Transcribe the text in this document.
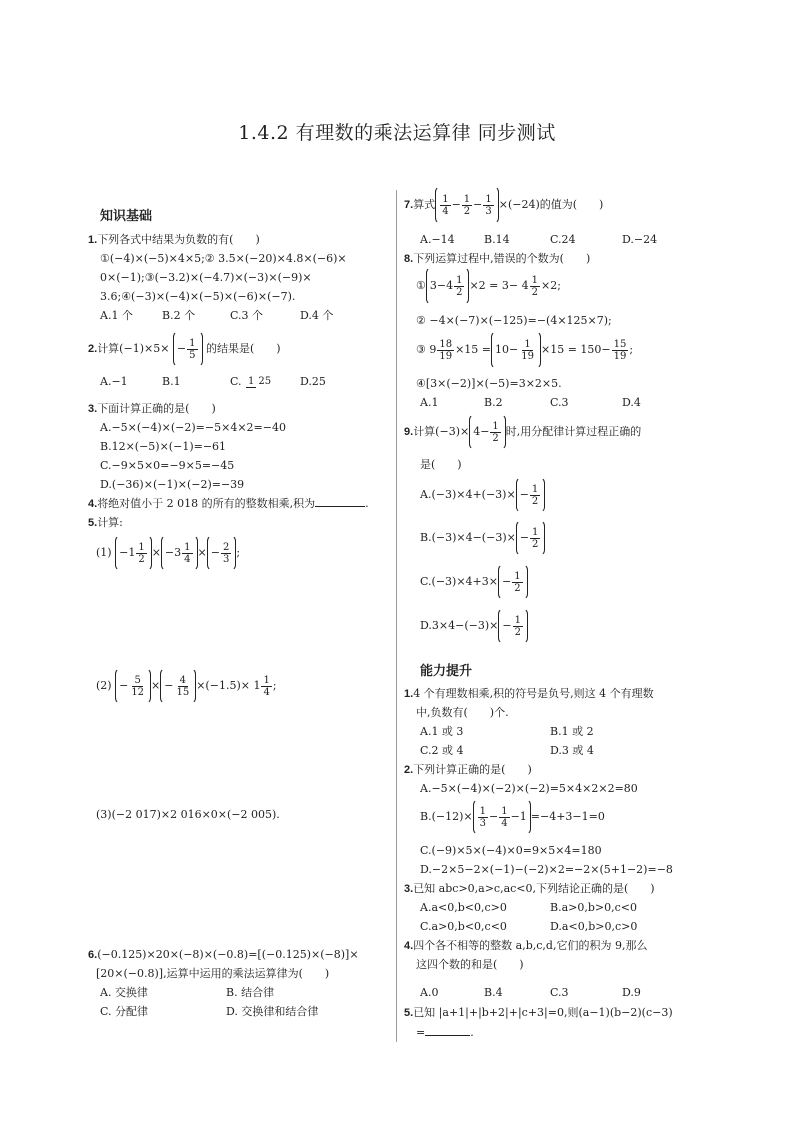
1.4.2 有理数的乘法运算律 同步测试
知识基础
1.下列各式中结果为负数的有(　　)
①(−4)×(−5)×4×5;② 3.5×(−20)×4.8×(−6)×
0×(−1);③(−3.2)×(−4.7)×(−3)×(−9)×
3.6;④(−3)×(−4)×(−5)×(−6)×(−7).
A.1 个	B.2 个	C.3 个	D.4 个
2.计算$(-1)\times 5\times - \frac{1}{5}$ 的结果是(　　)
A.−1	B.1	C. 1 25	D.25
3.下面计算正确的是(　　)
A.−5×(−4)×(−2)=−5×4×2=−40
B.12×(−5)×(−1)=−61
C.−9×5×0=−9×5=−45
D.(−36)×(−1)×(−2)=−39
4.将绝对值小于 2 018 的所有的整数相乘,积为	.
5.计算:
$(1) - 1 \frac{1}{2}$ × − $3 \frac{1}{4}$ × − $\frac{2}{3}$ ;
$(2) - \frac{5}{12}$ × − $\frac{4}{15} \times(-1.5)\times 1 \frac{1}{4}$ ;
(3)(−2 017)×2 016×0×(−2 005).
6.(−0.125)×20×(−8)×(−0.8)=[(−0.125)×(−8)]×
[20×(−0.8)],运算中运用的乘法运算律为(　　)
A. 交换律	B. 结合律
C. 分配律	D. 交换律和结合律
7.算式 $\frac{1}{4} - \frac{1}{2} - \frac{1}{3} \times(-24)$的值为(　　)
A.−14	B.14	C.24	D.−24
8.下列运算过程中,错误的个数为(　　)
① $3-4 \frac{1}{2} \times 2 = 3- 4 \frac{1}{2} \times 2$;
② −4×(−7)×(−125)=−(4×125×7);
③ $9 \frac{18}{19} \times 15 = 10- \frac{1}{19} \times 15 = 150- \frac{15}{19}$ ;
④[3×(−2)]×(−5)=3×2×5.
A.1	B.2	C.3	D.4
9.计算$(-3)\times 4- \frac{1}{2}$ 时,用分配律计算过程正确的
是(　　)
$A.(-3)\times 4+(-3)\times - \frac{1}{2}$
$B.(-3)\times 4-(-3)\times - \frac{1}{2}$
$C.(-3)\times 4+3\times - \frac{1}{2}$
$D.3\times 4-(-3)\times - \frac{1}{2}$
能力提升
1.4 个有理数相乘,积的符号是负号,则这 4 个有理数
中,负数有(　　)个.
A.1 或 3	B.1 或 2
C.2 或 4	D.3 或 4
2.下列计算正确的是(　　)
A.−5×(−4)×(−2)×(−2)=5×4×2×2=80
$B.(-12)\times \frac{1}{3} - \frac{1}{4} -1 =-4+3-1=0$
C.(−9)×5×(−4)×0=9×5×4=180
D.−2×5−2×(−1)−(−2)×2=−2×(5+1−2)=−8
3.已知 abc>0,a>c,ac<0,下列结论正确的是(　　)
A.a<0,b<0,c>0	B.a>0,b>0,c<0
C.a>0,b<0,c<0	D.a<0,b>0,c>0
4.四个各不相等的整数 a,b,c,d,它们的积为 9,那么
这四个数的和是(　　)
A.0	B.4	C.3	D.9
5.已知 |a+1|+|b+2|+|c+3|=0,则(a−1)(b−2)(c−3)
=	.
